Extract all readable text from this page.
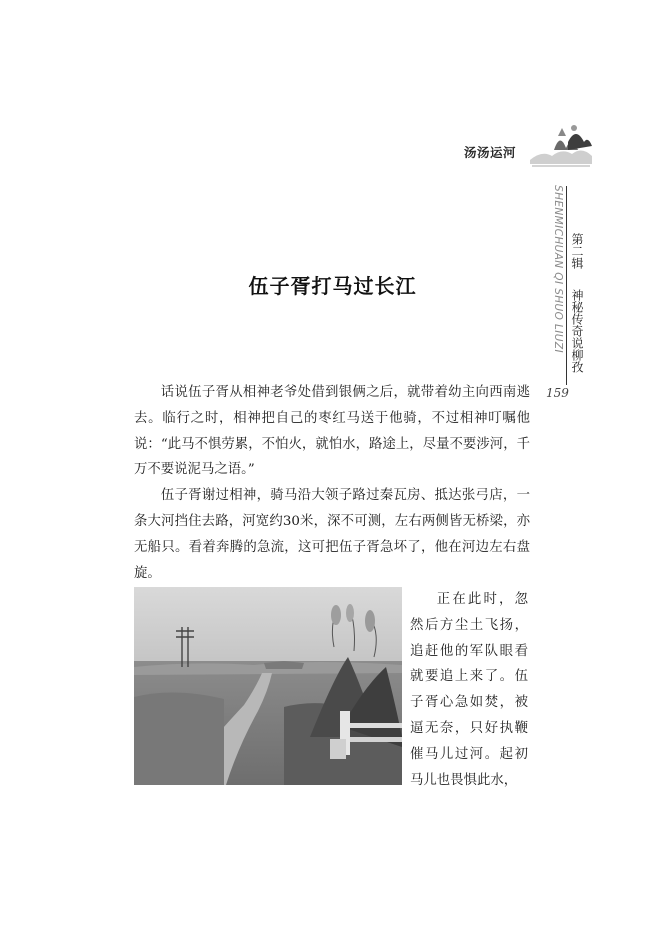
汤汤运河
SHENMICHUAN QI SHUO LIUZI 第二辑
神秘传奇说柳孜
159
伍子胥打马过长江

话说伍子胥从相神老爷处借到银俩之后，就带着幼主向西南逃去。临行之时，相神把自己的枣红马送于他骑，不过相神叮嘱他说：“此马不惧劳累，不怕火，就怕水，路途上，尽量不要涉河，千万不要说泥马之语。”

伍子胥谢过相神，骑马沿大领子路过秦瓦房、抵达张弓店，一条大河挡住去路，河宽约30米，深不可测，左右两侧皆无桥梁，亦无船只。看着奔腾的急流，这可把伍子胥急坏了，他在河边左右盘旋。

正在此时，忽然后方尘土飞扬，追赶他的军队眼看就要追上来了。伍子胥心急如焚，被逼无奈，只好执鞭催马儿过河。起初马儿也畏惧此水，
